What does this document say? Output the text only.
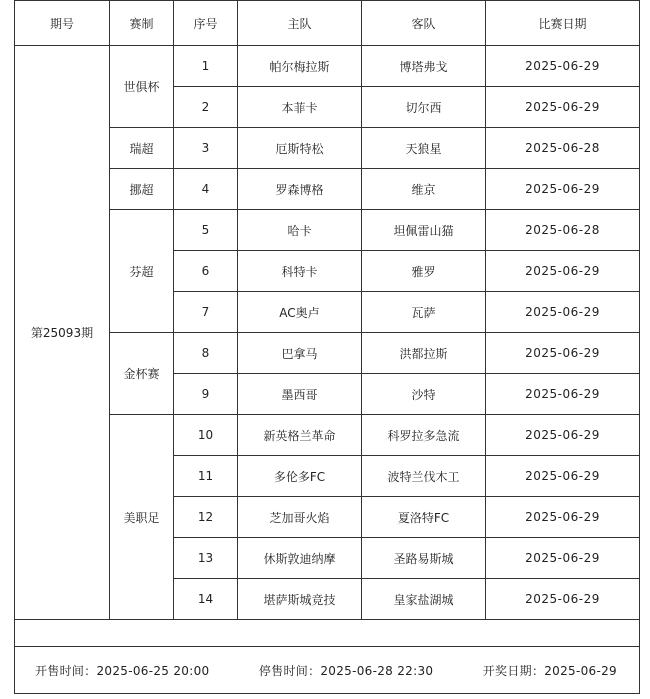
期号	赛制	序号	主队	客队	比赛日期
第25093期	世俱杯	1	帕尔梅拉斯	博塔弗戈	2025-06-29
		2	本菲卡	切尔西	2025-06-29
	瑞超	3	厄斯特松	天狼星	2025-06-28
	挪超	4	罗森博格	维京	2025-06-29
	芬超	5	哈卡	坦佩雷山猫	2025-06-28
		6	科特卡	雅罗	2025-06-29
		7	AC奥卢	瓦萨	2025-06-29
	金杯赛	8	巴拿马	洪都拉斯	2025-06-29
		9	墨西哥	沙特	2025-06-29
	美职足	10	新英格兰革命	科罗拉多急流	2025-06-29
		11	多伦多FC	波特兰伐木工	2025-06-29
		12	芝加哥火焰	夏洛特FC	2025-06-29
		13	休斯敦迪纳摩	圣路易斯城	2025-06-29
		14	堪萨斯城竞技	皇家盐湖城	2025-06-29

开售时间：2025-06-25 20:00 停售时间：2025-06-28 22:30 开奖日期：2025-06-29					
